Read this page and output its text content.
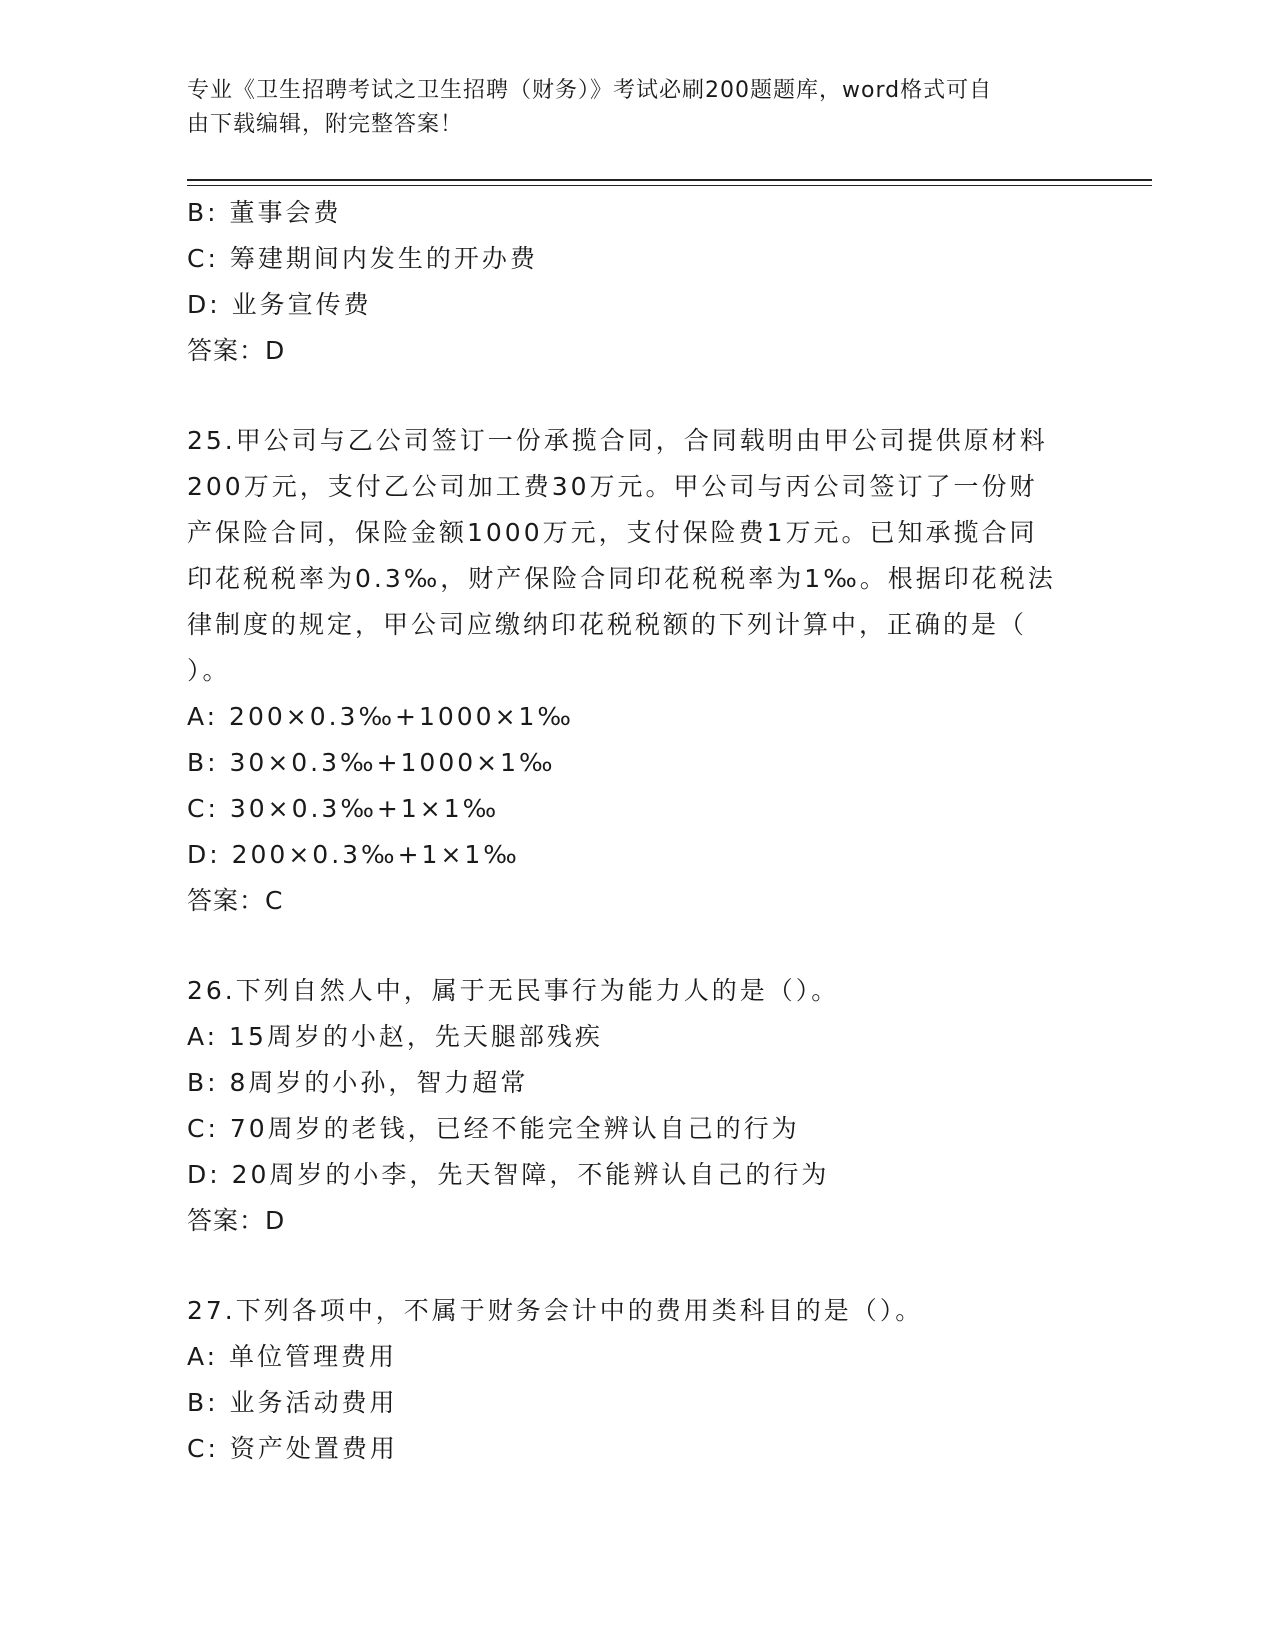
专业《卫生招聘考试之卫生招聘（财务）》考试必刷200题题库，word格式可自
由下载编辑，附完整答案！
B: 董事会费
C: 筹建期间内发生的开办费
D: 业务宣传费
答案：D
25.甲公司与乙公司签订一份承揽合同，合同载明由甲公司提供原材料
200万元，支付乙公司加工费30万元。甲公司与丙公司签订了一份财
产保险合同，保险金额1000万元，支付保险费1万元。已知承揽合同
印花税税率为0.3‰，财产保险合同印花税税率为1‰。根据印花税法
律制度的规定，甲公司应缴纳印花税税额的下列计算中，正确的是（
）。
A: 200×0.3‰+1000×1‰
B: 30×0.3‰+1000×1‰
C: 30×0.3‰+1×1‰
D: 200×0.3‰+1×1‰
答案：C
26.下列自然人中，属于无民事行为能力人的是（）。
A: 15周岁的小赵，先天腿部残疾
B: 8周岁的小孙，智力超常
C: 70周岁的老钱，已经不能完全辨认自己的行为
D: 20周岁的小李，先天智障，不能辨认自己的行为
答案：D
27.下列各项中，不属于财务会计中的费用类科目的是（）。
A: 单位管理费用
B: 业务活动费用
C: 资产处置费用
